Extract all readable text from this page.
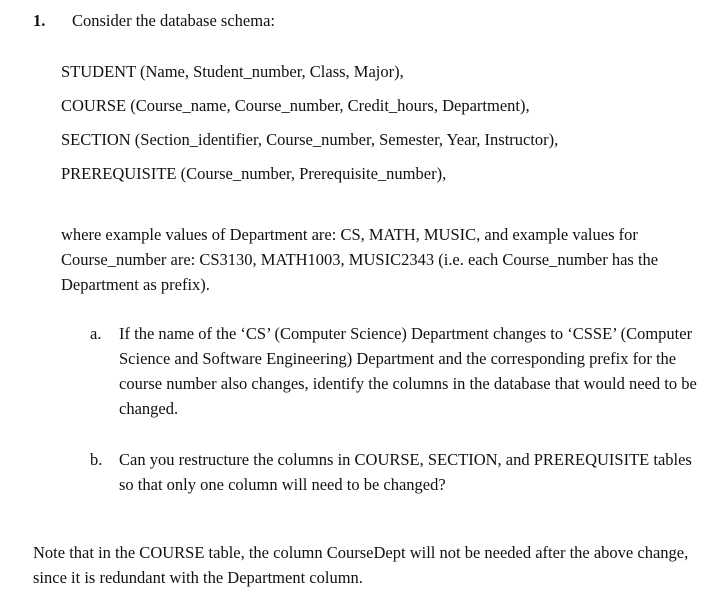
1. Consider the database schema:
STUDENT (Name, Student_number, Class, Major),
COURSE (Course_name, Course_number, Credit_hours, Department),
SECTION (Section_identifier, Course_number, Semester, Year, Instructor),
PREREQUISITE (Course_number, Prerequisite_number),
where example values of Department are: CS, MATH, MUSIC, and example values for Course_number are: CS3130, MATH1003, MUSIC2343 (i.e. each Course_number has the Department as prefix).
a. If the name of the ‘CS’ (Computer Science) Department changes to ‘CSSE’ (Computer Science and Software Engineering) Department and the corresponding prefix for the course number also changes, identify the columns in the database that would need to be changed.
b. Can you restructure the columns in COURSE, SECTION, and PREREQUISITE tables so that only one column will need to be changed?
Note that in the COURSE table, the column CourseDept will not be needed after the above change, since it is redundant with the Department column.
